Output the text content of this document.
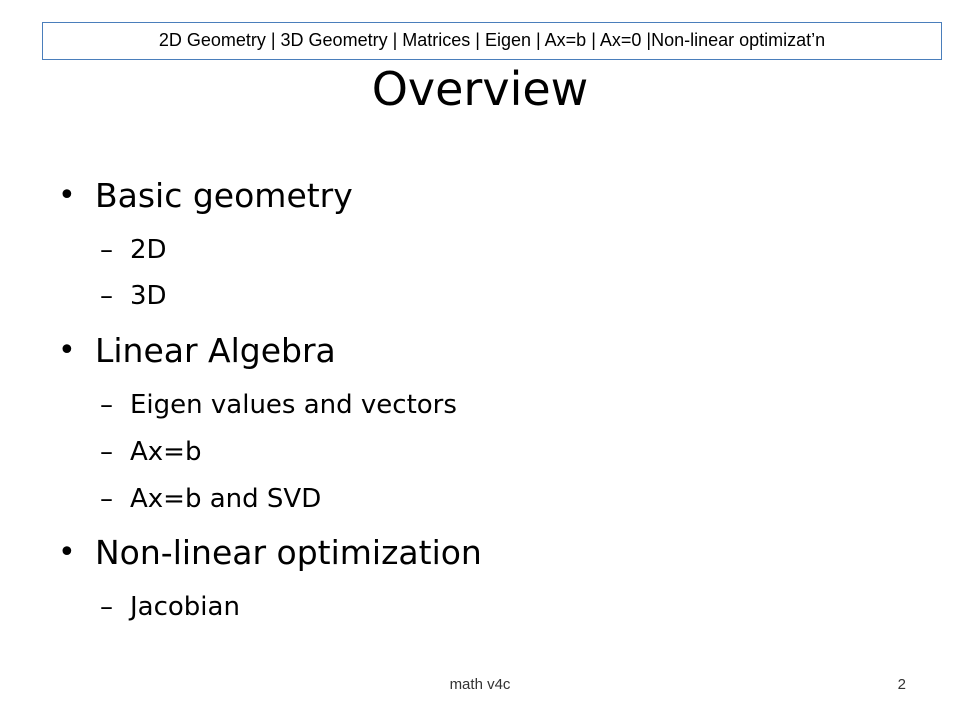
2D Geometry | 3D Geometry | Matrices | Eigen | Ax=b | Ax=0 |Non-linear optimizat’n
Overview
• Basic geometry
– 2D
– 3D
• Linear Algebra
– Eigen values and vectors
– Ax=b
– Ax=b and SVD
• Non-linear optimization
– Jacobian
math v4c	2
